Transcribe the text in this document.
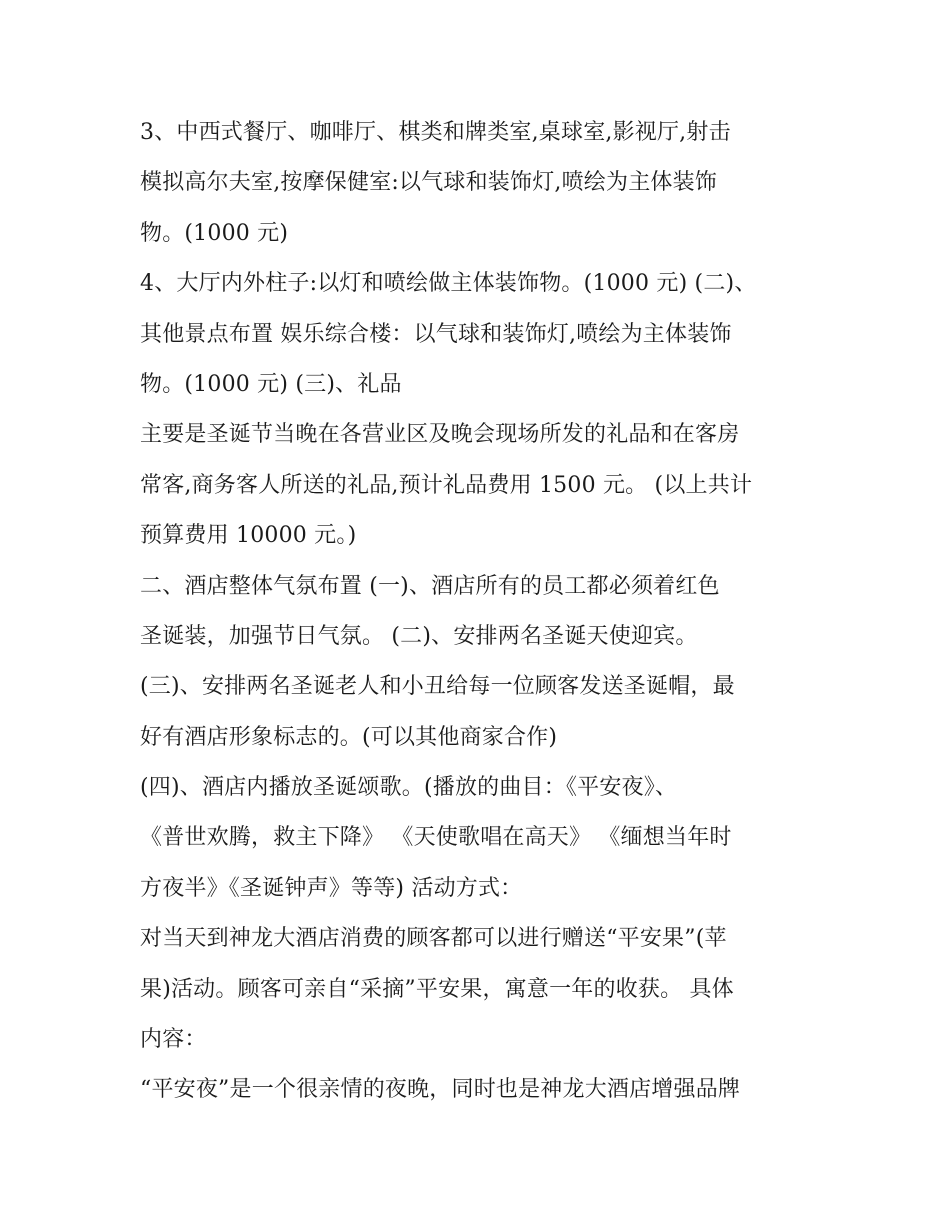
3、中西式餐厅、咖啡厅、棋类和牌类室,桌球室,影视厅,射击
模拟高尔夫室,按摩保健室:以气球和装饰灯,喷绘为主体装饰
物。(1000 元)
4、大厅内外柱子:以灯和喷绘做主体装饰物。(1000 元) (二)、
其他景点布置 娱乐综合楼：以气球和装饰灯,喷绘为主体装饰
物。(1000 元) (三)、礼品
主要是圣诞节当晚在各营业区及晚会现场所发的礼品和在客房
常客,商务客人所送的礼品,预计礼品费用 1500 元。 (以上共计
预算费用 10000 元。)
二、酒店整体气氛布置 (一)、酒店所有的员工都必须着红色
圣诞装，加强节日气氛。 (二)、安排两名圣诞天使迎宾。
(三)、安排两名圣诞老人和小丑给每一位顾客发送圣诞帽，最
好有酒店形象标志的。(可以其他商家合作)
(四)、酒店内播放圣诞颂歌。(播放的曲目：《平安夜》、
《普世欢腾，救主下降》 《天使歌唱在高天》 《缅想当年时
方夜半》《圣诞钟声》等等) 活动方式：
对当天到神龙大酒店消费的顾客都可以进行赠送“平安果”(苹
果)活动。顾客可亲自“采摘”平安果，寓意一年的收获。 具体
内容：
“平安夜”是一个很亲情的夜晚，同时也是神龙大酒店增强品牌
